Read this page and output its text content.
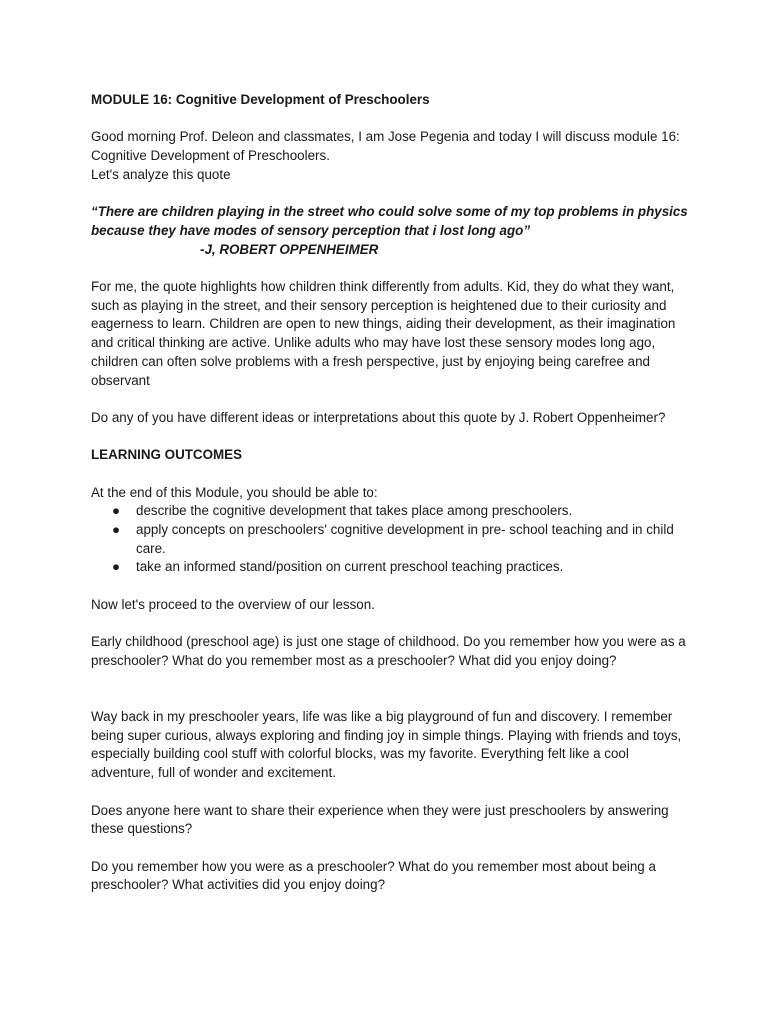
MODULE 16: Cognitive Development of Preschoolers

Good morning Prof. Deleon and classmates, I am Jose Pegenia and today I will discuss module 16: Cognitive Development of Preschoolers.

Let's analyze this quote

“There are children playing in the street who could solve some of my top problems in physics because they have modes of sensory perception that i lost long ago”

-J, ROBERT OPPENHEIMER

For me, the quote highlights how children think differently from adults. Kid, they do what they want, such as playing in the street, and their sensory perception is heightened due to their curiosity and eagerness to learn. Children are open to new things, aiding their development, as their imagination and critical thinking are active. Unlike adults who may have lost these sensory modes long ago, children can often solve problems with a fresh perspective, just by enjoying being carefree and observant

Do any of you have different ideas or interpretations about this quote by J. Robert Oppenheimer?

LEARNING OUTCOMES

At the end of this Module, you should be able to:

● describe the cognitive development that takes place among preschoolers.
● apply concepts on preschoolers' cognitive development in pre- school teaching and in child care.
● take an informed stand/position on current preschool teaching practices.

Now let's proceed to the overview of our lesson.

Early childhood (preschool age) is just one stage of childhood. Do you remember how you were as a preschooler? What do you remember most as a preschooler? What did you enjoy doing?

Way back in my preschooler years, life was like a big playground of fun and discovery. I remember being super curious, always exploring and finding joy in simple things. Playing with friends and toys, especially building cool stuff with colorful blocks, was my favorite. Everything felt like a cool adventure, full of wonder and excitement.

Does anyone here want to share their experience when they were just preschoolers by answering these questions?

Do you remember how you were as a preschooler? What do you remember most about being a preschooler? What activities did you enjoy doing?
